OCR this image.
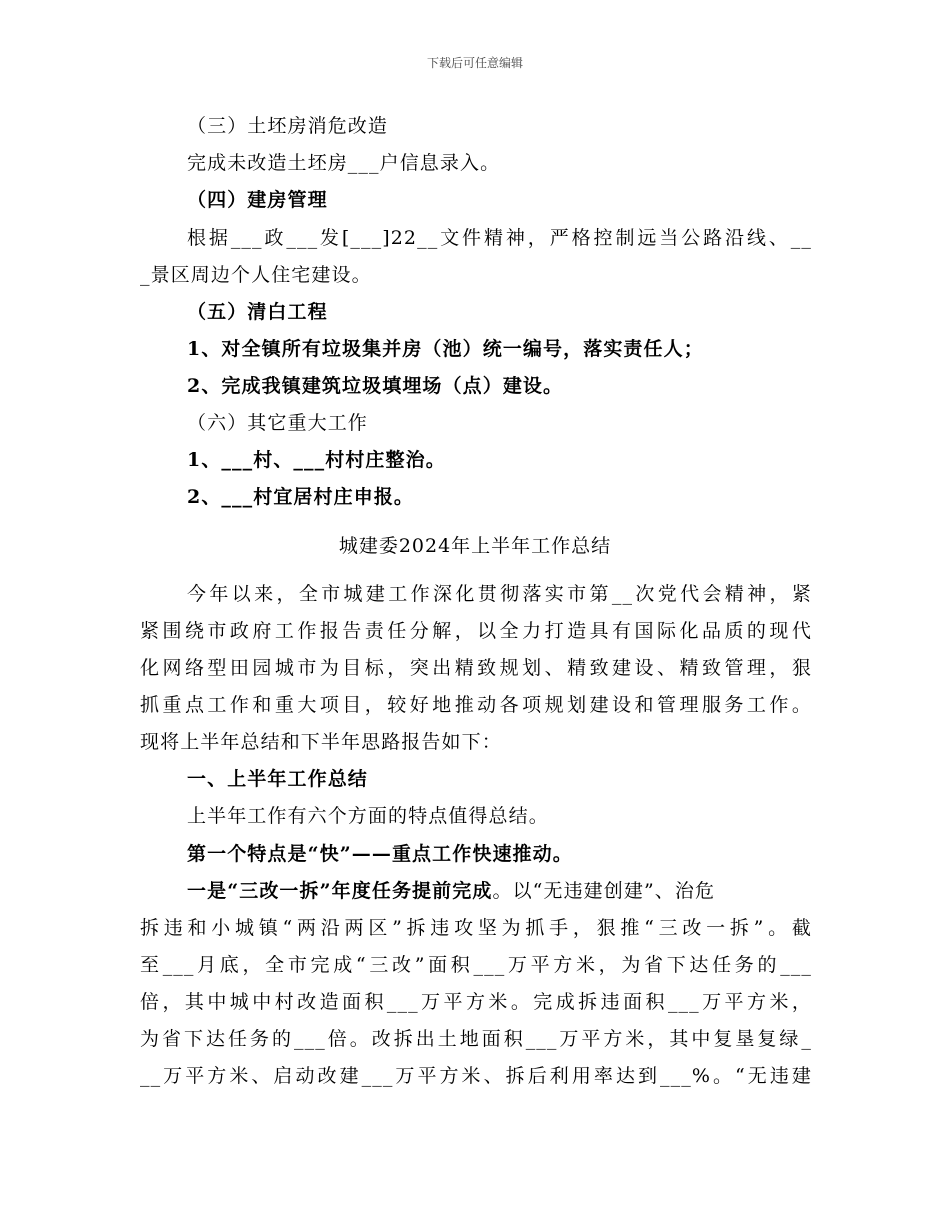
下载后可任意编辑
（三）土坯房消危改造
完成未改造土坯房___户信息录入。
（四）建房管理
根据___政___发[___]22__文件精神，严格控制远当公路沿线、__
_景区周边个人住宅建设。
（五）清白工程
1、对全镇所有垃圾集并房（池）统一编号，落实责任人；
2、完成我镇建筑垃圾填埋场（点）建设。
（六）其它重大工作
1、___村、___村村庄整治。
2、___村宜居村庄申报。
城建委2024年上半年工作总结
今年以来，全市城建工作深化贯彻落实市第__次党代会精神，紧
紧围绕市政府工作报告责任分解，以全力打造具有国际化品质的现代
化网络型田园城市为目标，突出精致规划、精致建设、精致管理，狠
抓重点工作和重大项目，较好地推动各项规划建设和管理服务工作。
现将上半年总结和下半年思路报告如下：
一、上半年工作总结
上半年工作有六个方面的特点值得总结。
第一个特点是“快”——重点工作快速推动。
一是“三改一拆”年度任务提前完成。以“无违建创建”、治危
拆违和小城镇“两沿两区”拆违攻坚为抓手，狠推“三改一拆”。截
至___月底，全市完成“三改”面积___万平方米，为省下达任务的___
倍，其中城中村改造面积___万平方米。完成拆违面积___万平方米，
为省下达任务的___倍。改拆出土地面积___万平方米，其中复垦复绿_
__万平方米、启动改建___万平方米、拆后利用率达到___%。“无违建
